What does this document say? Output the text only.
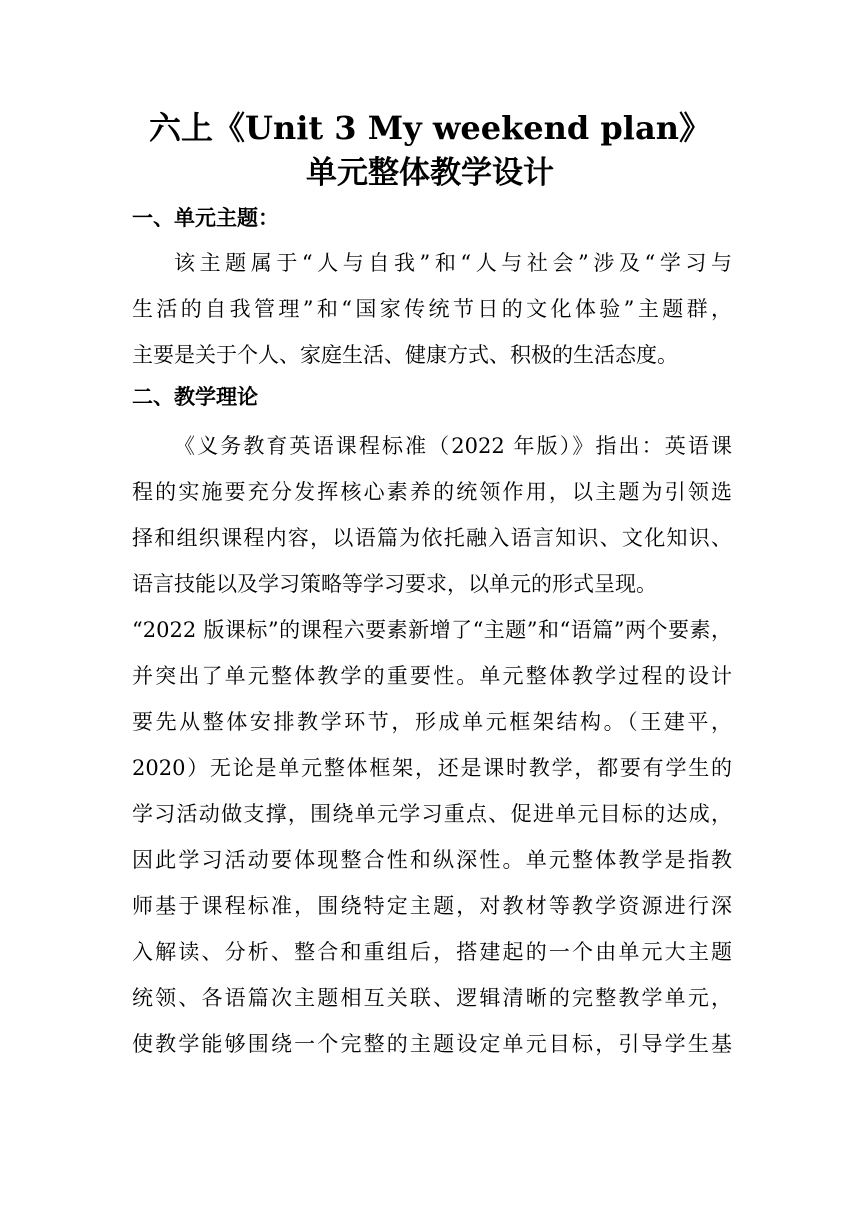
六上《Unit 3 My weekend plan》
单元整体教学设计
一、单元主题：
该主题属于“人与自我”和“人与社会”涉及“学习与
生活的自我管理”和“国家传统节日的文化体验”主题群，
主要是关于个人、家庭生活、健康方式、积极的生活态度。
二、教学理论
《义务教育英语课程标准（2022 年版）》指出：英语课
程的实施要充分发挥核心素养的统领作用，以主题为引领选
择和组织课程内容，以语篇为依托融入语言知识、文化知识、
语言技能以及学习策略等学习要求，以单元的形式呈现。
“2022 版课标”的课程六要素新增了“主题”和“语篇”两个要素，
并突出了单元整体教学的重要性。单元整体教学过程的设计
要先从整体安排教学环节，形成单元框架结构。（王建平，
2020）无论是单元整体框架，还是课时教学，都要有学生的
学习活动做支撑，围绕单元学习重点、促进单元目标的达成，
因此学习活动要体现整合性和纵深性。单元整体教学是指教
师基于课程标准，围绕特定主题，对教材等教学资源进行深
入解读、分析、整合和重组后，搭建起的一个由单元大主题
统领、各语篇次主题相互关联、逻辑清晰的完整教学单元，
使教学能够围绕一个完整的主题设定单元目标，引导学生基
